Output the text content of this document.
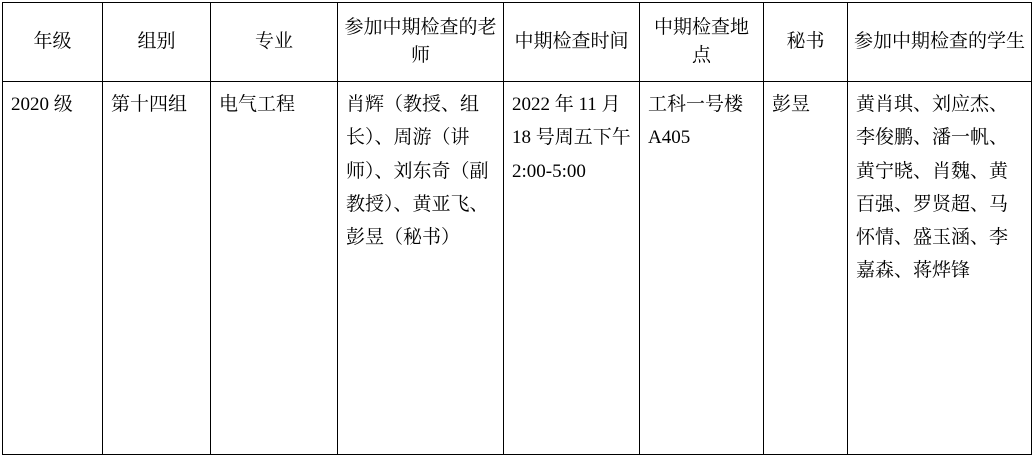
年级	组别	专业	参加中期检查的老师	中期检查时间	中期检查地点	秘书	参加中期检查的学生

2020 级	第十四组	电气工程	肖辉（教授、组长）、周游（讲师）、刘东奇（副教授）、黄亚飞、彭昱（秘书）	2022 年 11 月 18 号周五下午 2:00-5:00	工科一号楼 A405	彭昱	黄肖琪、刘应杰、李俊鹏、潘一帆、黄宁晓、肖魏、黄百强、罗贤超、马怀情、盛玉涵、李嘉森、蒋烨锋
